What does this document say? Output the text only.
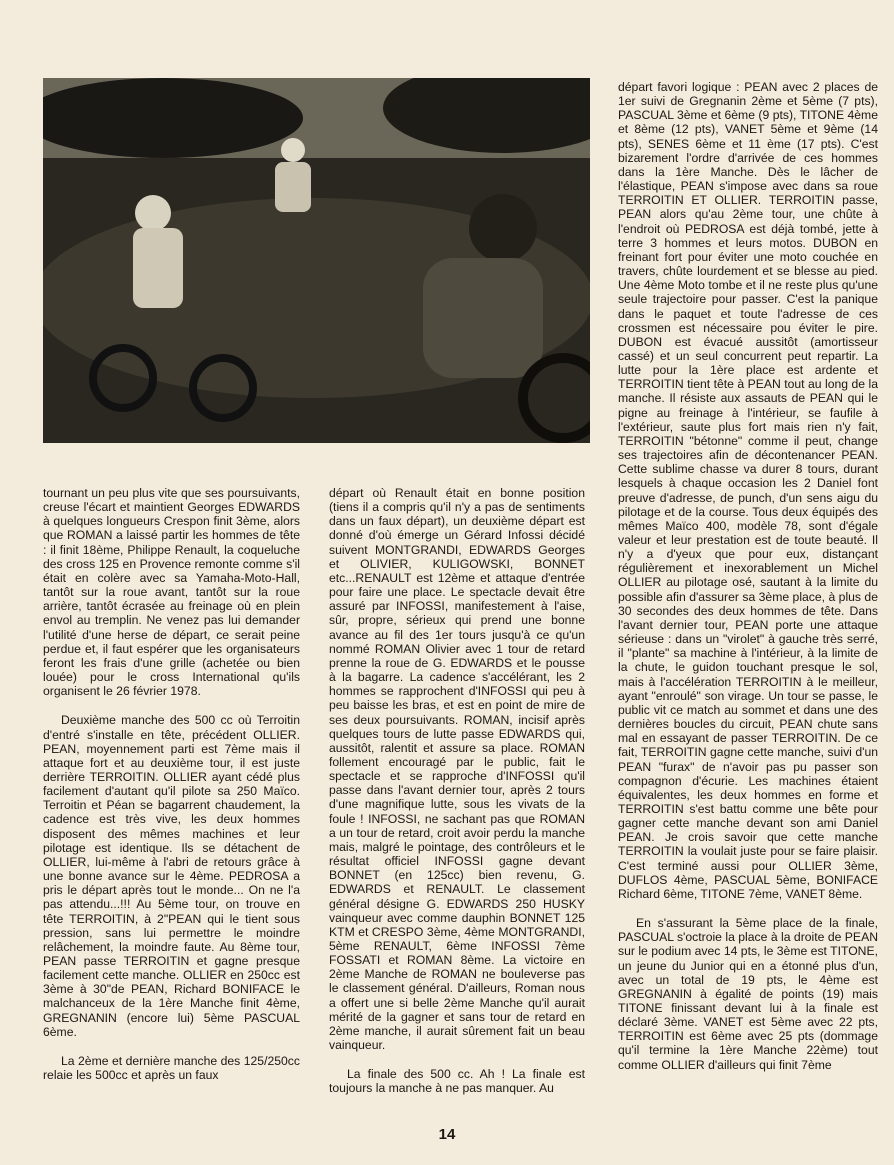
tournant un peu plus vite que ses poursuivants, creuse l'écart et maintient Georges EDWARDS à quelques longueurs Crespon finit 3ème, alors que ROMAN a laissé partir les hommes de tête : il finit 18ème, Philippe Renault, la coqueluche des cross 125 en Provence remonte comme s'il était en colère avec sa Yamaha-Moto-Hall, tantôt sur la roue avant, tantôt sur la roue arrière, tantôt écrasée au freinage où en plein envol au tremplin. Ne venez pas lui demander l'utilité d'une herse de départ, ce serait peine perdue et, il faut espérer que les organisateurs feront les frais d'une grille (achetée ou bien louée) pour le cross International qu'ils organisent le 26 février 1978.

Deuxième manche des 500 cc où Terroitin d'entré s'installe en tête, précédent OLLIER. PEAN, moyennement parti est 7ème mais il attaque fort et au deuxième tour, il est juste derrière TERROITIN. OLLIER ayant cédé plus facilement d'autant qu'il pilote sa 250 Maïco. Terroitin et Péan se bagarrent chaudement, la cadence est très vive, les deux hommes disposent des mêmes machines et leur pilotage est identique. Ils se détachent de OLLIER, lui-même à l'abri de retours grâce à une bonne avance sur le 4ème. PEDROSA a pris le départ après tout le monde... On ne l'a pas attendu...!!! Au 5ème tour, on trouve en tête TERROITIN, à 2"PEAN qui le tient sous pression, sans lui permettre le moindre relâchement, la moindre faute. Au 8ème tour, PEAN passe TERROITIN et gagne presque facilement cette manche. OLLIER en 250cc est 3ème à 30"de PEAN, Richard BONIFACE le malchanceux de la 1ère Manche finit 4ème, GREGNANIN (encore lui) 5ème PASCUAL 6ème.

La 2ème et dernière manche des 125/250cc relaie les 500cc et après un faux

départ où Renault était en bonne position (tiens il a compris qu'il n'y a pas de sentiments dans un faux départ), un deuxième départ est donné d'où émerge un Gérard Infossi décidé suivent MONTGRANDI, EDWARDS Georges et OLIVIER, KULIGOWSKI, BONNET etc...RENAULT est 12ème et attaque d'entrée pour faire une place. Le spectacle devait être assuré par INFOSSI, manifestement à l'aise, sûr, propre, sérieux qui prend une bonne avance au fil des 1er tours jusqu'à ce qu'un nommé ROMAN Olivier avec 1 tour de retard prenne la roue de G. EDWARDS et le pousse à la bagarre. La cadence s'accélérant, les 2 hommes se rapprochent d'INFOSSI qui peu à peu baisse les bras, et est en point de mire de ses deux poursuivants. ROMAN, incisif après quelques tours de lutte passe EDWARDS qui, aussitôt, ralentit et assure sa place. ROMAN follement encouragé par le public, fait le spectacle et se rapproche d'INFOSSI qu'il passe dans l'avant dernier tour, après 2 tours d'une magnifique lutte, sous les vivats de la foule ! INFOSSI, ne sachant pas que ROMAN a un tour de retard, croit avoir perdu la manche mais, malgré le pointage, des contrôleurs et le résultat officiel INFOSSI gagne devant BONNET (en 125cc) bien revenu, G. EDWARDS et RENAULT. Le classement général désigne G. EDWARDS 250 HUSKY vainqueur avec comme dauphin BONNET 125 KTM et CRESPO 3ème, 4ème MONTGRANDI, 5ème RENAULT, 6ème INFOSSI 7ème FOSSATI et ROMAN 8ème. La victoire en 2ème Manche de ROMAN ne bouleverse pas le classement général. D'ailleurs, Roman nous a offert une si belle 2ème Manche qu'il aurait mérité de la gagner et sans tour de retard en 2ème manche, il aurait sûrement fait un beau vainqueur.

La finale des 500 cc. Ah ! La finale est toujours la manche à ne pas manquer. Au

départ favori logique : PEAN avec 2 places de 1er suivi de Gregnanin 2ème et 5ème (7 pts), PASCUAL 3ème et 6ème (9 pts), TITONE 4ème et 8ème (12 pts), VANET 5ème et 9ème (14 pts), SENES 6ème et 11 ème (17 pts). C'est bizarement l'ordre d'arrivée de ces hommes dans la 1ère Manche. Dès le lâcher de l'élastique, PEAN s'impose avec dans sa roue TERROITIN ET OLLIER. TERROITIN passe, PEAN alors qu'au 2ème tour, une chûte à l'endroit où PEDROSA est déjà tombé, jette à terre 3 hommes et leurs motos. DUBON en freinant fort pour éviter une moto couchée en travers, chûte lourdement et se blesse au pied. Une 4ème Moto tombe et il ne reste plus qu'une seule trajectoire pour passer. C'est la panique dans le paquet et toute l'adresse de ces crossmen est nécessaire pou éviter le pire. DUBON est évacué aussitôt (amortisseur cassé) et un seul concurrent peut repartir. La lutte pour la 1ère place est ardente et TERROITIN tient tête à PEAN tout au long de la manche. Il résiste aux assauts de PEAN qui le pigne au freinage à l'intérieur, se faufile à l'extérieur, saute plus fort mais rien n'y fait, TERROITIN "bétonne" comme il peut, change ses trajectoires afin de décontenancer PEAN. Cette sublime chasse va durer 8 tours, durant lesquels à chaque occasion les 2 Daniel font preuve d'adresse, de punch, d'un sens aigu du pilotage et de la course. Tous deux équipés des mêmes Maïco 400, modèle 78, sont d'égale valeur et leur prestation est de toute beauté. Il n'y a d'yeux que pour eux, distançant régulièrement et inexorablement un Michel OLLIER au pilotage osé, sautant à la limite du possible afin d'assurer sa 3ème place, à plus de 30 secondes des deux hommes de tête. Dans l'avant dernier tour, PEAN porte une attaque sérieuse : dans un "virolet" à gauche très serré, il "plante" sa machine à l'intérieur, à la limite de la chute, le guidon touchant presque le sol, mais à l'accélération TERROITIN à le meilleur, ayant "enroulé" son virage. Un tour se passe, le public vit ce match au sommet et dans une des dernières boucles du circuit, PEAN chute sans mal en essayant de passer TERROITIN. De ce fait, TERROITIN gagne cette manche, suivi d'un PEAN "furax" de n'avoir pas pu passer son compagnon d'écurie. Les machines étaient équivalentes, les deux hommes en forme et TERROITIN s'est battu comme une bête pour gagner cette manche devant son ami Daniel PEAN. Je crois savoir que cette manche TERROITIN la voulait juste pour se faire plaisir. C'est terminé aussi pour OLLIER 3ème, DUFLOS 4ème, PASCUAL 5ème, BONIFACE Richard 6ème, TITONE 7ème, VANET 8ème.

En s'assurant la 5ème place de la finale, PASCUAL s'octroie la place à la droite de PEAN sur le podium avec 14 pts, le 3ème est TITONE, un jeune du Junior qui en a étonné plus d'un, avec un total de 19 pts, le 4ème est GREGNANIN à égalité de points (19) mais TITONE finissant devant lui à la finale est déclaré 3ème. VANET est 5ème avec 22 pts, TERROITIN est 6ème avec 25 pts (dommage qu'il termine la 1ère Manche 22ème) tout comme OLLIER d'ailleurs qui finit 7ème

14
